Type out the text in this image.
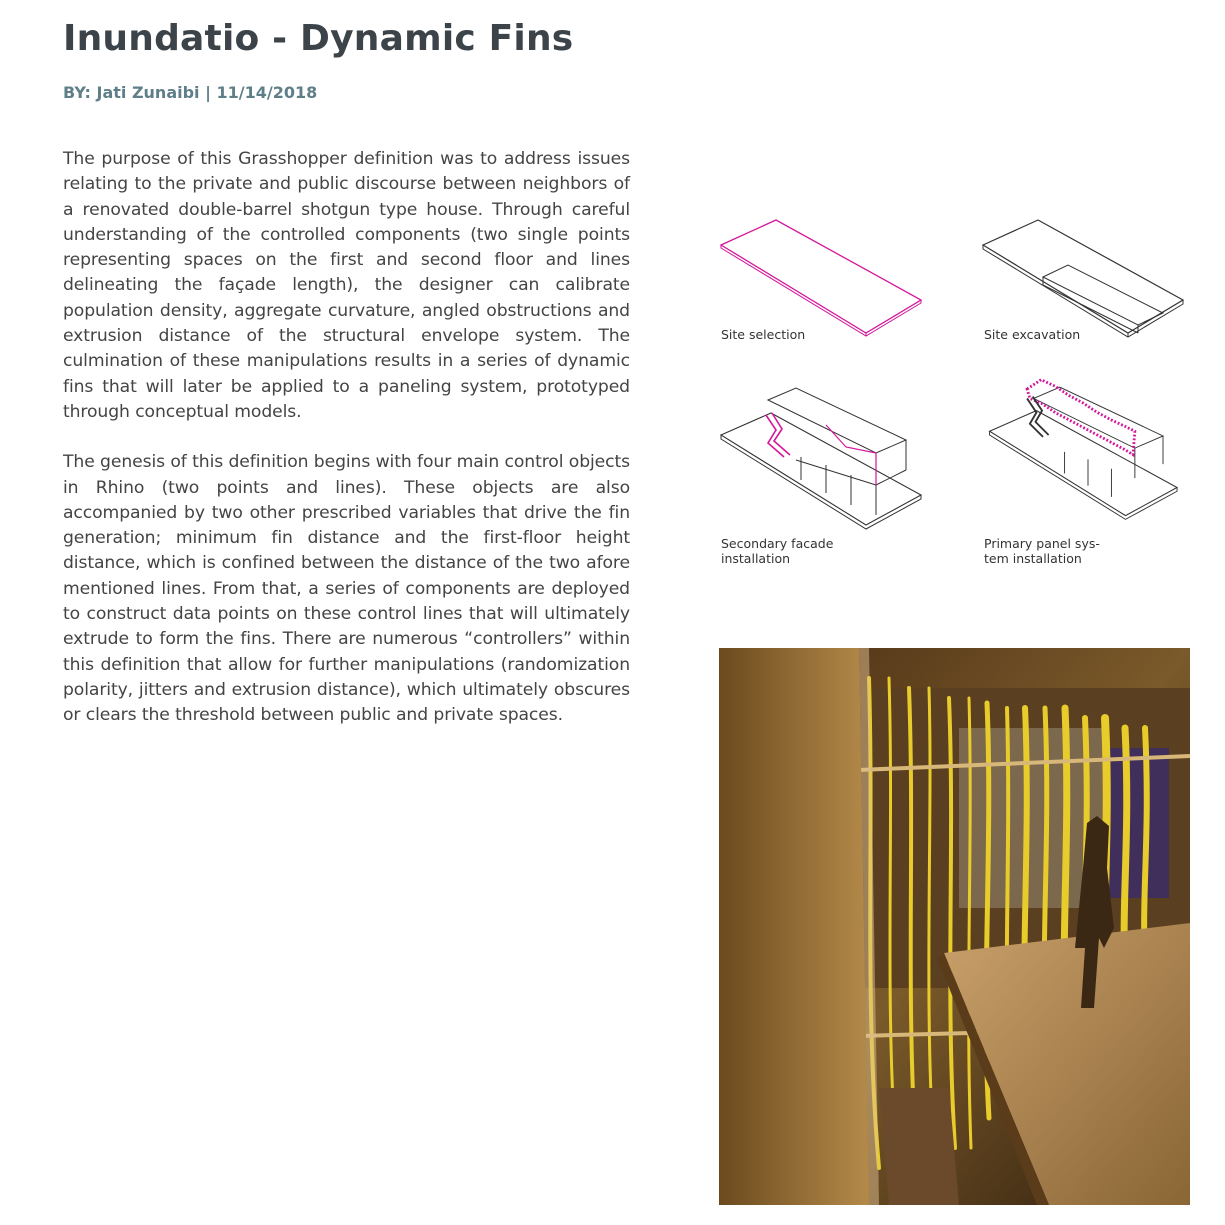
Inundatio - Dynamic Fins
BY: Jati Zunaibi | 11/14/2018

The purpose of this Grasshopper definition was to address issues relating to the private and public discourse between neighbors of a renovated double-barrel shotgun type house. Through careful understanding of the controlled components (two single points representing spaces on the first and second floor and lines delineating the façade length), the designer can calibrate population density, aggregate curvature, angled obstructions and extrusion distance of the structural envelope system. The culmination of these manipulations results in a series of dynamic fins that will later be applied to a paneling system, prototyped through conceptual models.

The genesis of this definition begins with four main control objects in Rhino (two points and lines). These objects are also accompanied by two other prescribed variables that drive the fin generation; minimum fin distance and the first-floor height distance, which is confined between the distance of the two afore mentioned lines. From that, a series of components are deployed to construct data points on these control lines that will ultimately extrude to form the fins. There are numerous “controllers” within this definition that allow for further manipulations (randomization polarity, jitters and extrusion distance), which ultimately obscures or clears the threshold between public and private spaces.

Site selection	Site excavation
Secondary facade
installation
Primary panel sys-
tem installation
